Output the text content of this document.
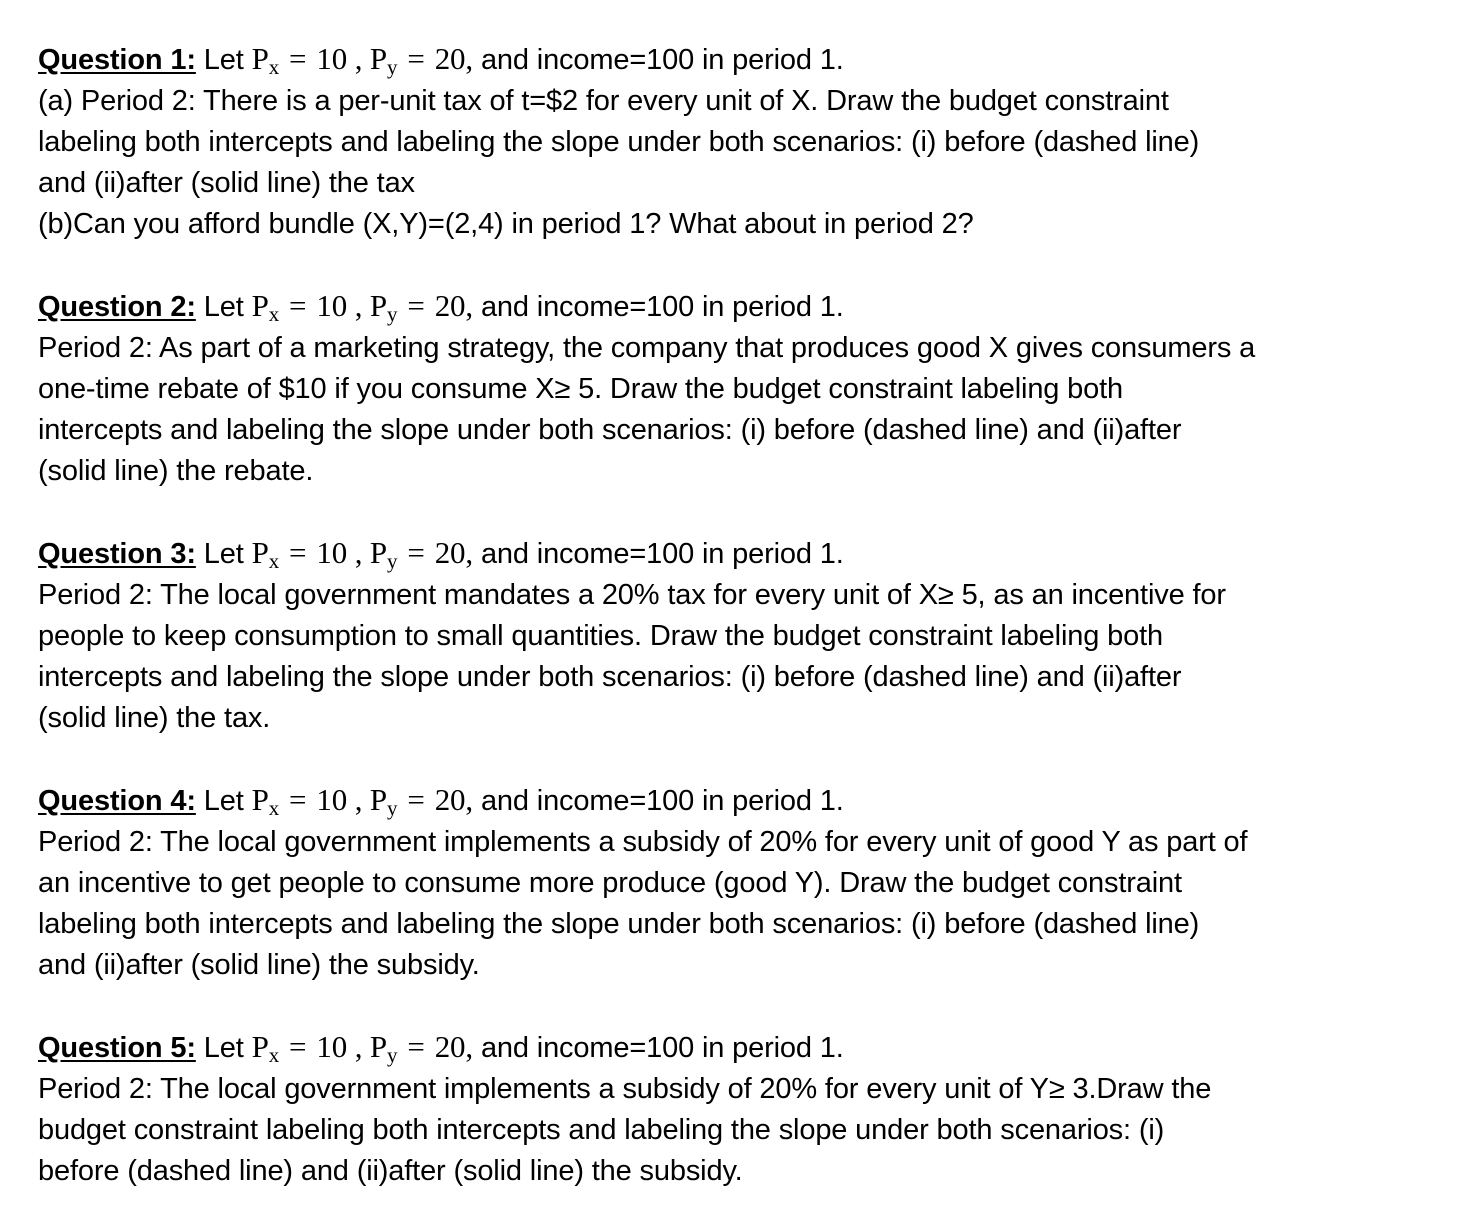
Question 1: Let $P_x = 10$ , $P_y = 20$, and income=100 in period 1.
(a) Period 2: There is a per-unit tax of t=$2 for every unit of X. Draw the budget constraint
labeling both intercepts and labeling the slope under both scenarios: (i) before (dashed line)
and (ii)after (solid line) the tax
(b)Can you afford bundle (X,Y)=(2,4) in period 1? What about in period 2?
Question 2: Let $P_x = 10$ , $P_y = 20$, and income=100 in period 1.
Period 2: As part of a marketing strategy, the company that produces good X gives consumers a
one-time rebate of $10 if you consume X≥ 5. Draw the budget constraint labeling both
intercepts and labeling the slope under both scenarios: (i) before (dashed line) and (ii)after
(solid line) the rebate.
Question 3: Let $P_x = 10$ , $P_y = 20$, and income=100 in period 1.
Period 2: The local government mandates a 20% tax for every unit of X≥ 5, as an incentive for
people to keep consumption to small quantities. Draw the budget constraint labeling both
intercepts and labeling the slope under both scenarios: (i) before (dashed line) and (ii)after
(solid line) the tax.
Question 4: Let $P_x = 10$ , $P_y = 20$, and income=100 in period 1.
Period 2: The local government implements a subsidy of 20% for every unit of good Y as part of
an incentive to get people to consume more produce (good Y). Draw the budget constraint
labeling both intercepts and labeling the slope under both scenarios: (i) before (dashed line)
and (ii)after (solid line) the subsidy.
Question 5: Let $P_x = 10$ , $P_y = 20$, and income=100 in period 1.
Period 2: The local government implements a subsidy of 20% for every unit of Y≥ 3.Draw the
budget constraint labeling both intercepts and labeling the slope under both scenarios: (i)
before (dashed line) and (ii)after (solid line) the subsidy.
